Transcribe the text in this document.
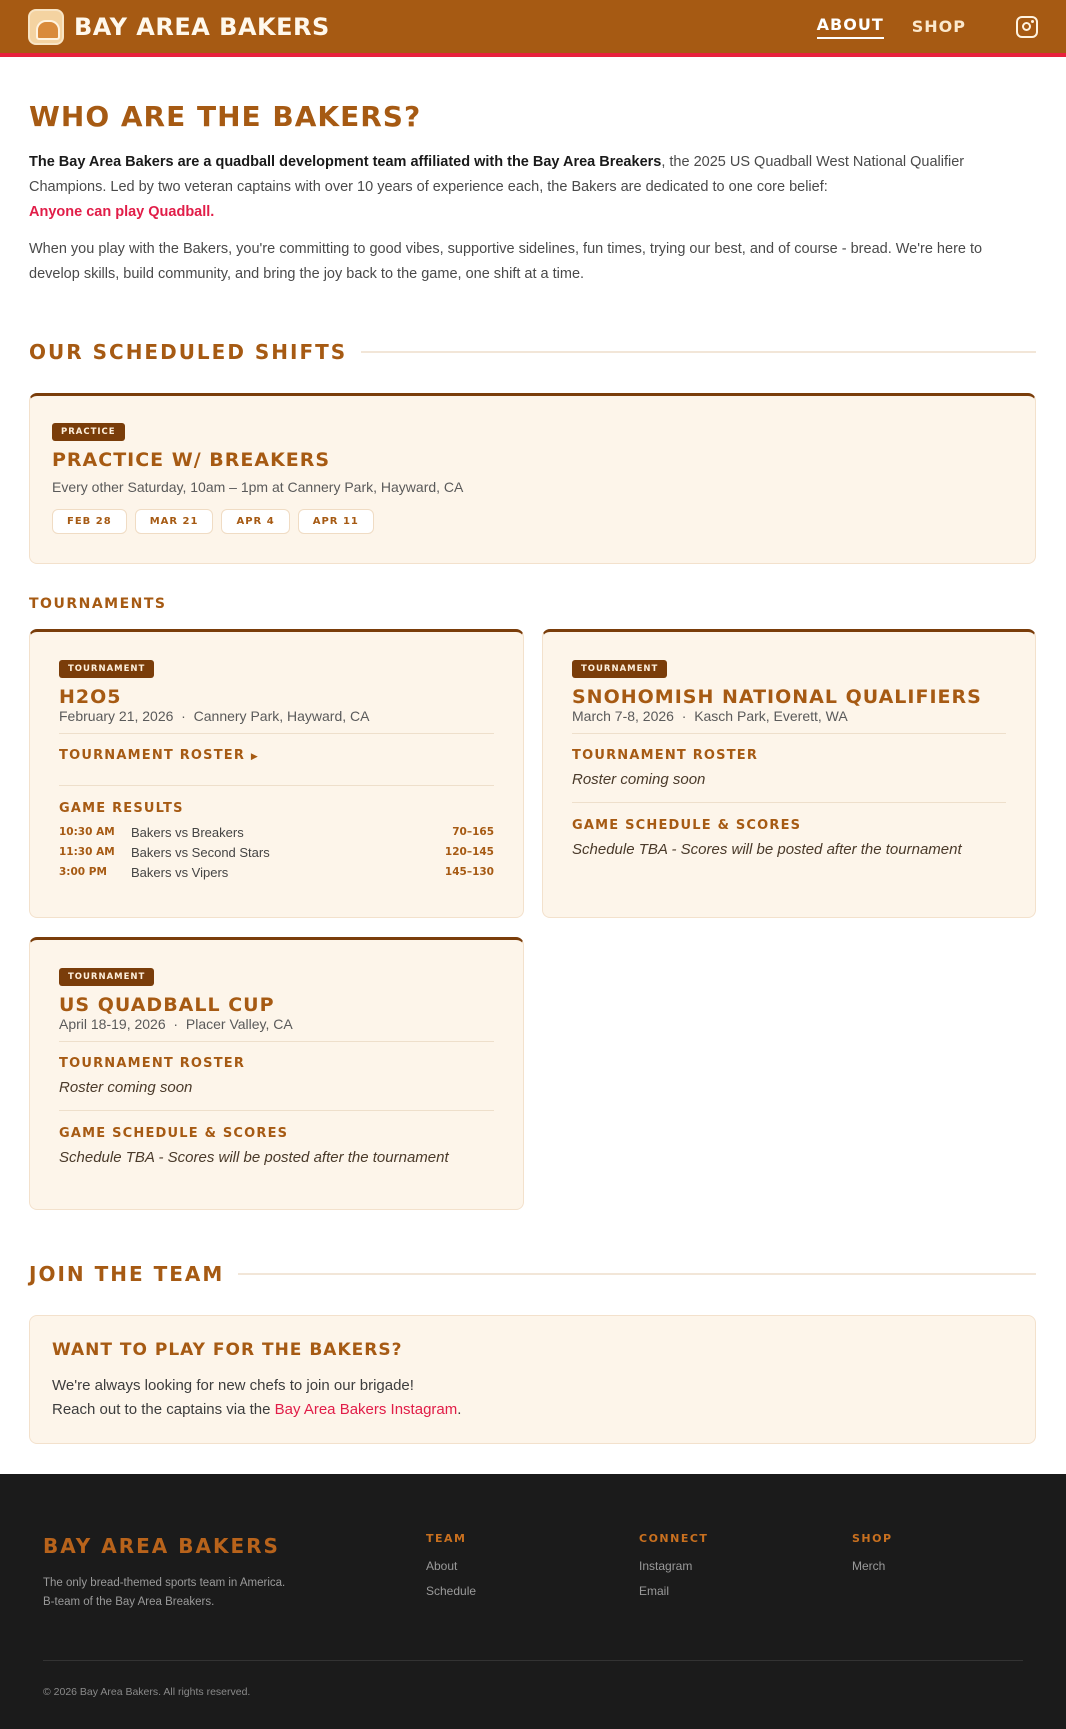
BAY AREA BAKERS	ABOUT SHOP
WHO ARE THE BAKERS?
The Bay Area Bakers are a quadball development team affiliated with the Bay Area Breakers, the 2025 US Quadball West National Qualifier Champions. Led by two veteran captains with over 10 years of experience each, the Bakers are dedicated to one core belief:
Anyone can play Quadball.
When you play with the Bakers, you're committing to good vibes, supportive sidelines, fun times, trying our best, and of course - bread. We're here to develop skills, build community, and bring the joy back to the game, one shift at a time.
OUR SCHEDULED SHIFTS
PRACTICE
PRACTICE W/ BREAKERS
Every other Saturday, 10am – 1pm at Cannery Park, Hayward, CA
FEB 28	MAR 21	APR 4	APR 11
TOURNAMENTS
TOURNAMENT
H2O5
February 21, 2026  ·  Cannery Park, Hayward, CA
TOURNAMENT ROSTER ▶
GAME RESULTS
10:30 AM	Bakers vs Breakers	70–165
11:30 AM	Bakers vs Second Stars	120–145
3:00 PM	Bakers vs Vipers	145–130
TOURNAMENT
SNOHOMISH NATIONAL QUALIFIERS
March 7-8, 2026  ·  Kasch Park, Everett, WA
TOURNAMENT ROSTER
Roster coming soon
GAME SCHEDULE & SCORES
Schedule TBA - Scores will be posted after the tournament
TOURNAMENT
US QUADBALL CUP
April 18-19, 2026  ·  Placer Valley, CA
TOURNAMENT ROSTER
Roster coming soon
GAME SCHEDULE & SCORES
Schedule TBA - Scores will be posted after the tournament
JOIN THE TEAM
WANT TO PLAY FOR THE BAKERS?

We're always looking for new chefs to join our brigade!

Reach out to the captains via the Bay Area Bakers Instagram.

BAY AREA BAKERS
The only bread-themed sports team in America.
B-team of the Bay Area Breakers.
TEAM
About
Schedule
CONNECT
Instagram
Email
SHOP
Merch
© 2026 Bay Area Bakers. All rights reserved.
